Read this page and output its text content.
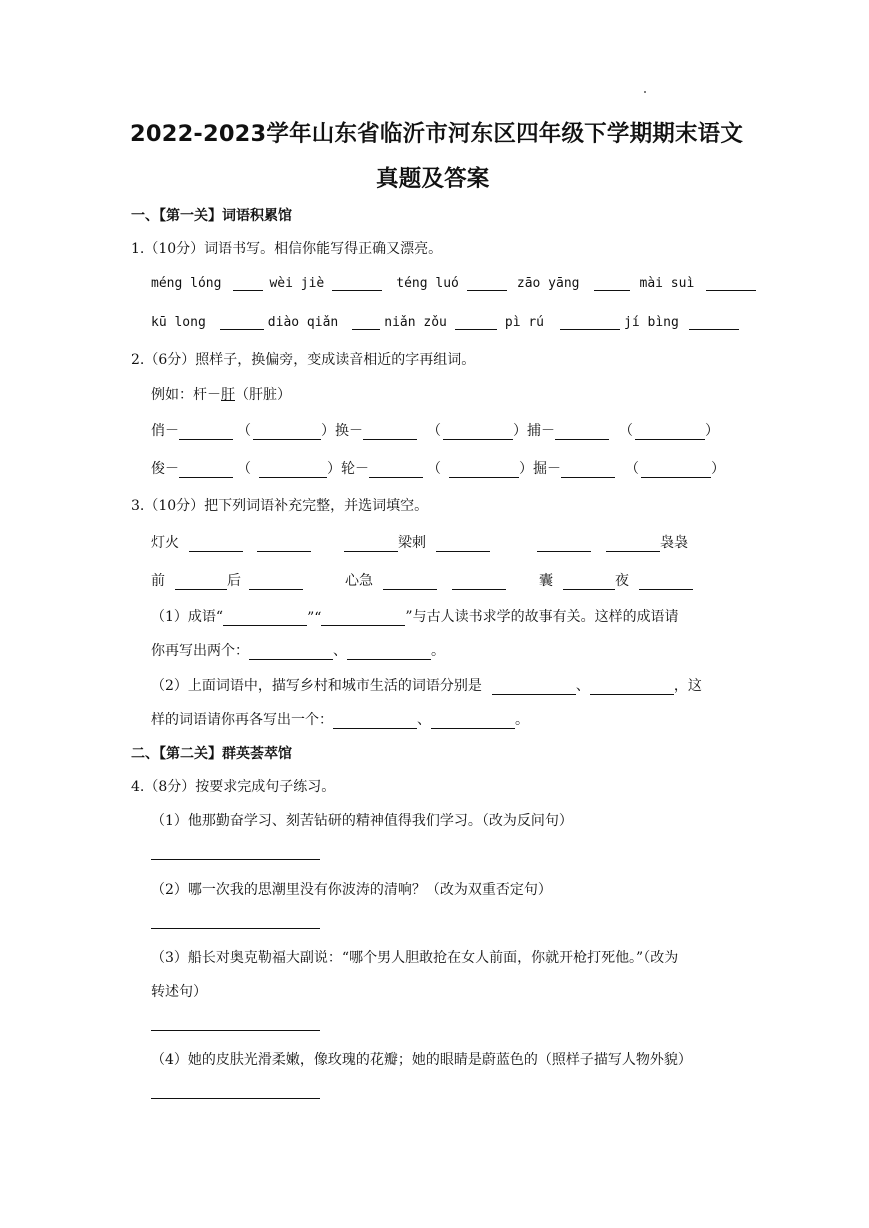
2022-2023学年山东省临沂市河东区四年级下学期期末语文
真题及答案
一、【第一关】词语积累馆
1.（10分）词语书写。相信你能写得正确又漂亮。
méng lóng	wèi jiè	téng luó	zāo yāng	mài suì
kū long	diào qiǎn	niǎn zǒu	pì rú	jí bìng
2.（6分）照样子，换偏旁，变成读音相近的字再组词。
例如：杆－肝（肝脏）
俏－	（	） 换－	（	） 捕－	（	）
俊－	（	） 轮－	（	） 掘－	（	）
3.（10分）把下列词语补充完整，并选词填空。
灯火	梁刺	袅袅
前	后	心急	囊	夜
（1）成语“	”“	”与古人读书求学的故事有关。这样的成语请
你再写出两个：	、	。
（2）上面词语中，描写乡村和城市生活的词语分别是	、	，这
样的词语请你再各写出一个：	、	。
二、【第二关】群英荟萃馆
4.（8分）按要求完成句子练习。
（1）他那勤奋学习、刻苦钻研的精神值得我们学习。（改为反问句）
（2）哪一次我的思潮里没有你波涛的清响？（改为双重否定句）
（3）船长对奥克勒福大副说：“哪个男人胆敢抢在女人前面，你就开枪打死他。”（改为
转述句）
（4）她的皮肤光滑柔嫩，像玫瑰的花瓣；她的眼睛是蔚蓝色的（照样子描写人物外貌）
